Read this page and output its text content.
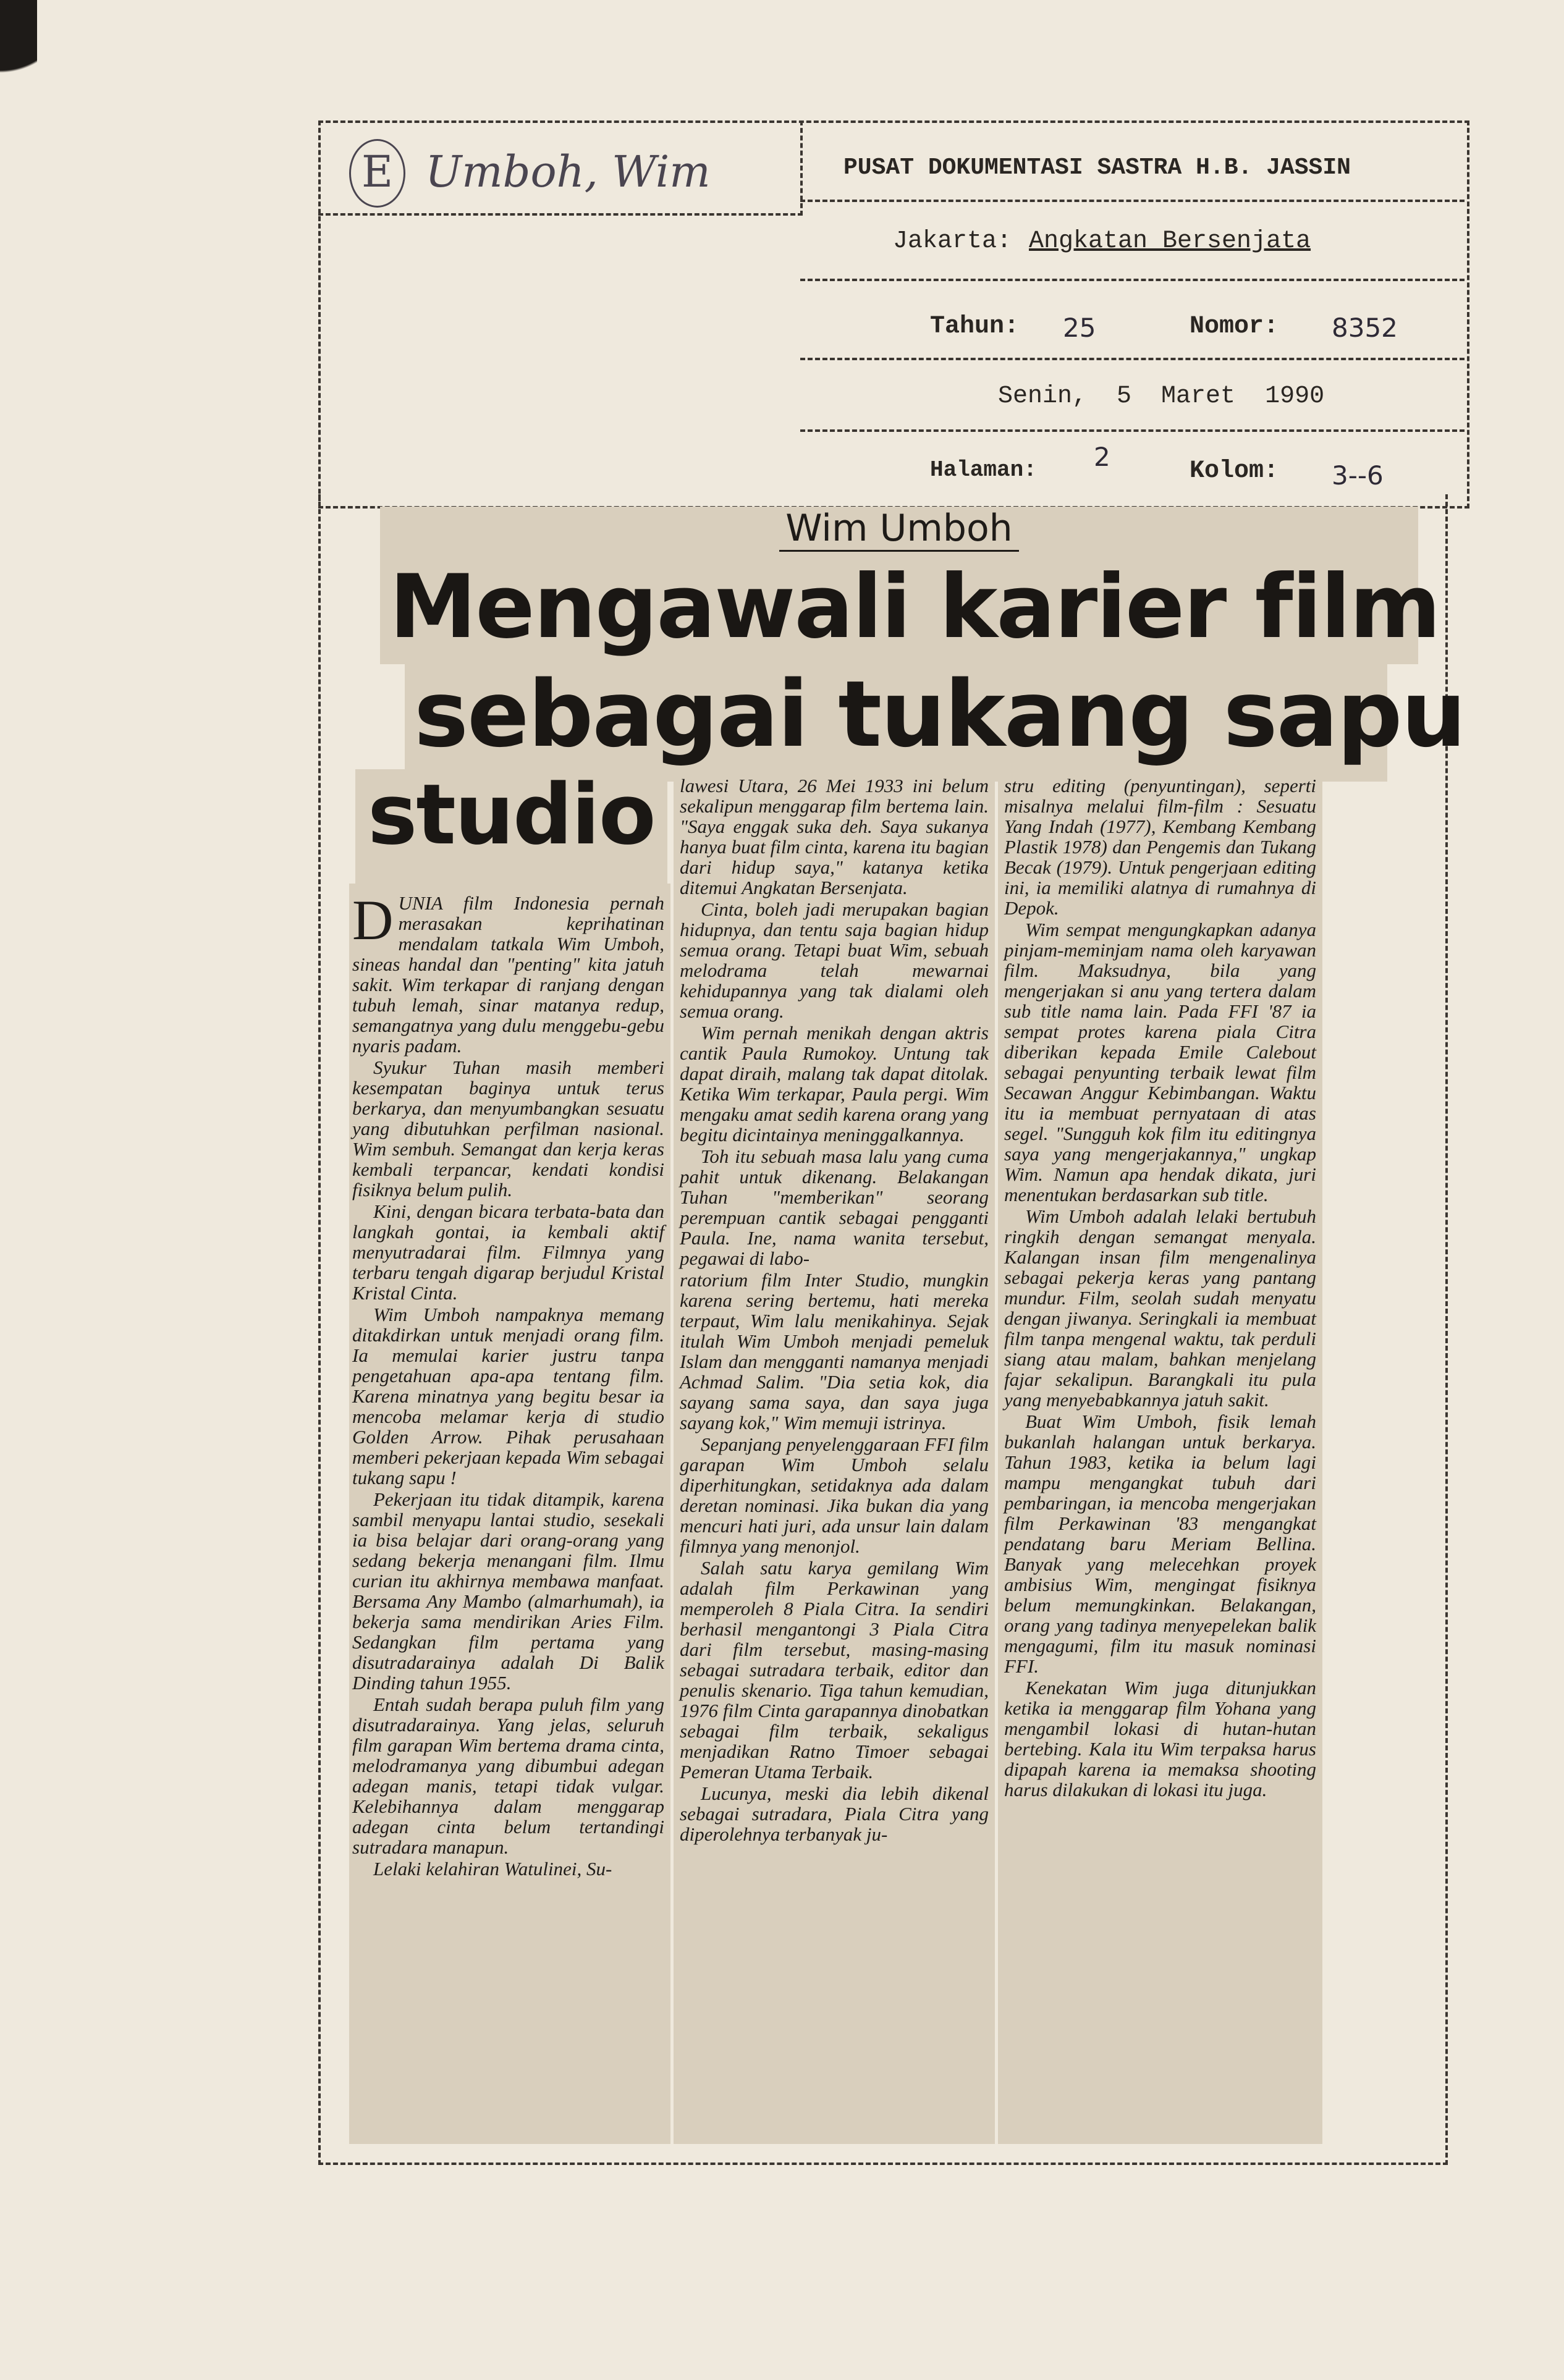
E Umboh, Wim	PUSAT DOKUMENTASI SASTRA H.B. JASSIN
Jakarta: Angkatan Bersenjata
Tahun: 25	Nomor: 8352
Senin,  5  Maret  1990
Halaman: 2	Kolom: 3--6
Wim Umboh
Mengawali karier film
sebagai tukang sapu
studio

DUNIA film Indonesia pernah merasakan keprihatinan mendalam tatkala Wim Umboh, sineas handal dan "penting" kita jatuh sakit. Wim terkapar di ranjang dengan tubuh lemah, sinar matanya redup, semangatnya yang dulu menggebu-gebu nyaris padam.

Syukur Tuhan masih memberi kesempatan baginya untuk terus berkarya, dan menyumbangkan sesuatu yang dibutuhkan perfilman nasional. Wim sembuh. Semangat dan kerja keras kembali terpancar, kendati kondisi fisiknya belum pulih.

Kini, dengan bicara terbata-bata dan langkah gontai, ia kembali aktif menyutradarai film. Filmnya yang terbaru tengah digarap berjudul Kristal Kristal Cinta.

Wim Umboh nampaknya memang ditakdirkan untuk menjadi orang film. Ia memulai karier justru tanpa pengetahuan apa-apa tentang film. Karena minatnya yang begitu besar ia mencoba melamar kerja di studio Golden Arrow. Pihak perusahaan memberi pekerjaan kepada Wim sebagai tukang sapu !

Pekerjaan itu tidak ditampik, karena sambil menyapu lantai studio, sesekali ia bisa belajar dari orang-orang yang sedang bekerja menangani film. Ilmu curian itu akhirnya membawa manfaat. Bersama Any Mambo (almarhumah), ia bekerja sama mendirikan Aries Film. Sedangkan film pertama yang disutradarainya adalah Di Balik Dinding tahun 1955.

Entah sudah berapa puluh film yang disutradarainya. Yang jelas, seluruh film garapan Wim bertema drama cinta, melodramanya yang dibumbui adegan adegan manis, tetapi tidak vulgar. Kelebihannya dalam menggarap adegan cinta belum tertandingi sutradara manapun.

Lelaki kelahiran Watulinei, Su-

lawesi Utara, 26 Mei 1933 ini belum sekalipun menggarap film bertema lain. "Saya enggak suka deh. Saya sukanya hanya buat film cinta, karena itu bagian dari hidup saya," katanya ketika ditemui Angkatan Bersenjata.

Cinta, boleh jadi merupakan bagian hidupnya, dan tentu saja bagian hidup semua orang. Tetapi buat Wim, sebuah melodrama telah mewarnai kehidupannya yang tak dialami oleh semua orang.

Wim pernah menikah dengan aktris cantik Paula Rumokoy. Untung tak dapat diraih, malang tak dapat ditolak. Ketika Wim terkapar, Paula pergi. Wim mengaku amat sedih karena orang yang begitu dicintainya meninggalkannya.

Toh itu sebuah masa lalu yang cuma pahit untuk dikenang. Belakangan Tuhan "memberikan" seorang perempuan cantik sebagai pengganti Paula. Ine, nama wanita tersebut, pegawai di labo-

ratorium film Inter Studio, mungkin karena sering bertemu, hati mereka terpaut, Wim lalu menikahinya. Sejak itulah Wim Umboh menjadi pemeluk Islam dan mengganti namanya menjadi Achmad Salim. "Dia setia kok, dia sayang sama saya, dan saya juga sayang kok," Wim memuji istrinya.

Sepanjang penyelenggaraan FFI film garapan Wim Umboh selalu diperhitungkan, setidaknya ada dalam deretan nominasi. Jika bukan dia yang mencuri hati juri, ada unsur lain dalam filmnya yang menonjol.

Salah satu karya gemilang Wim adalah film Perkawinan yang memperoleh 8 Piala Citra. Ia sendiri berhasil mengantongi 3 Piala Citra dari film tersebut, masing-masing sebagai sutradara terbaik, editor dan penulis skenario. Tiga tahun kemudian, 1976 film Cinta garapannya dinobatkan sebagai film terbaik, sekaligus menjadikan Ratno Timoer sebagai Pemeran Utama Terbaik.

Lucunya, meski dia lebih dikenal sebagai sutradara, Piala Citra yang diperolehnya terbanyak ju-

stru editing (penyuntingan), seperti misalnya melalui film-film : Sesuatu Yang Indah (1977), Kembang Kembang Plastik 1978) dan Pengemis dan Tukang Becak (1979). Untuk pengerjaan editing ini, ia memiliki alatnya di rumahnya di Depok.

Wim sempat mengungkapkan adanya pinjam-meminjam nama oleh karyawan film. Maksudnya, bila yang mengerjakan si anu yang tertera dalam sub title nama lain. Pada FFI '87 ia sempat protes karena piala Citra diberikan kepada Emile Calebout sebagai penyunting terbaik lewat film Secawan Anggur Kebimbangan. Waktu itu ia membuat pernyataan di atas segel. "Sungguh kok film itu editingnya saya yang mengerjakannya," ungkap Wim. Namun apa hendak dikata, juri menentukan berdasarkan sub title.

Wim Umboh adalah lelaki bertubuh ringkih dengan semangat menyala. Kalangan insan film mengenalinya sebagai pekerja keras yang pantang mundur. Film, seolah sudah menyatu dengan jiwanya. Seringkali ia membuat film tanpa mengenal waktu, tak perduli siang atau malam, bahkan menjelang fajar sekalipun. Barangkali itu pula yang menyebabkannya jatuh sakit.

Buat Wim Umboh, fisik lemah bukanlah halangan untuk berkarya. Tahun 1983, ketika ia belum lagi mampu mengangkat tubuh dari pembaringan, ia mencoba mengerjakan film Perkawinan '83 mengangkat pendatang baru Meriam Bellina. Banyak yang melecehkan proyek ambisius Wim, mengingat fisiknya belum memungkinkan. Belakangan, orang yang tadinya menyepelekan balik mengagumi, film itu masuk nominasi FFI.

Kenekatan Wim juga ditunjukkan ketika ia menggarap film Yohana yang mengambil lokasi di hutan-hutan bertebing. Kala itu Wim terpaksa harus dipapah karena ia memaksa shooting harus dilakukan di lokasi itu juga.
